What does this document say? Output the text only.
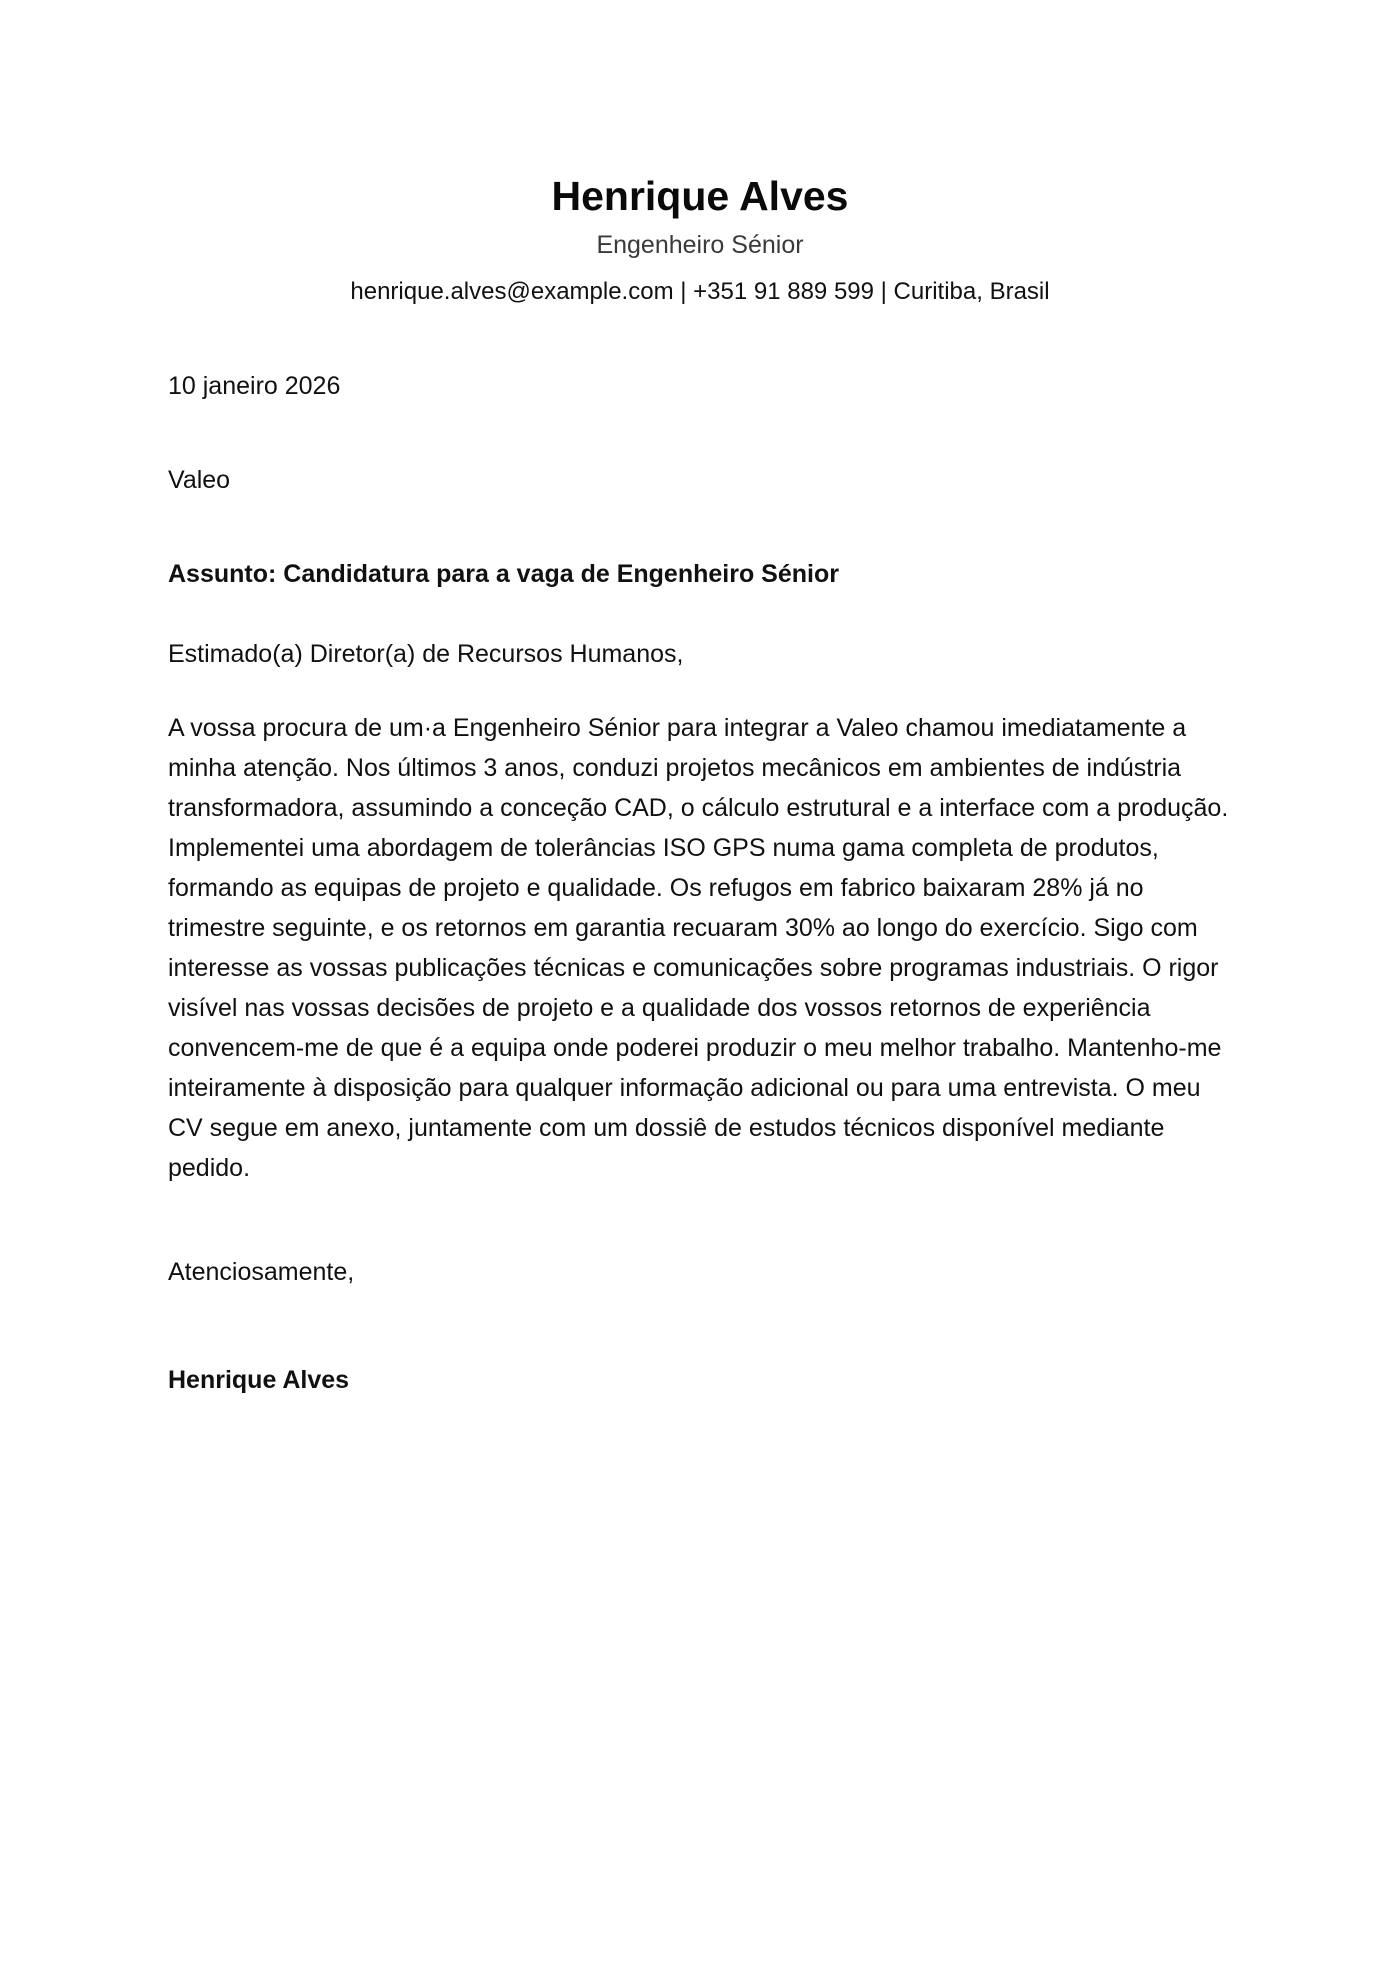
Henrique Alves
Engenheiro Sénior
henrique.alves@example.com | +351 91 889 599 | Curitiba, Brasil
10 janeiro 2026
Valeo
Assunto: Candidatura para a vaga de Engenheiro Sénior
Estimado(a) Diretor(a) de Recursos Humanos,

A vossa procura de um·a Engenheiro Sénior para integrar a Valeo chamou imediatamente a minha atenção. Nos últimos 3 anos, conduzi projetos mecânicos em ambientes de indústria transformadora, assumindo a conceção CAD, o cálculo estrutural e a interface com a produção. Implementei uma abordagem de tolerâncias ISO GPS numa gama completa de produtos, formando as equipas de projeto e qualidade. Os refugos em fabrico baixaram 28% já no trimestre seguinte, e os retornos em garantia recuaram 30% ao longo do exercício. Sigo com interesse as vossas publicações técnicas e comunicações sobre programas industriais. O rigor visível nas vossas decisões de projeto e a qualidade dos vossos retornos de experiência convencem-me de que é a equipa onde poderei produzir o meu melhor trabalho. Mantenho-me inteiramente à disposição para qualquer informação adicional ou para uma entrevista. O meu CV segue em anexo, juntamente com um dossiê de estudos técnicos disponível mediante pedido.

Atenciosamente,
Henrique Alves
